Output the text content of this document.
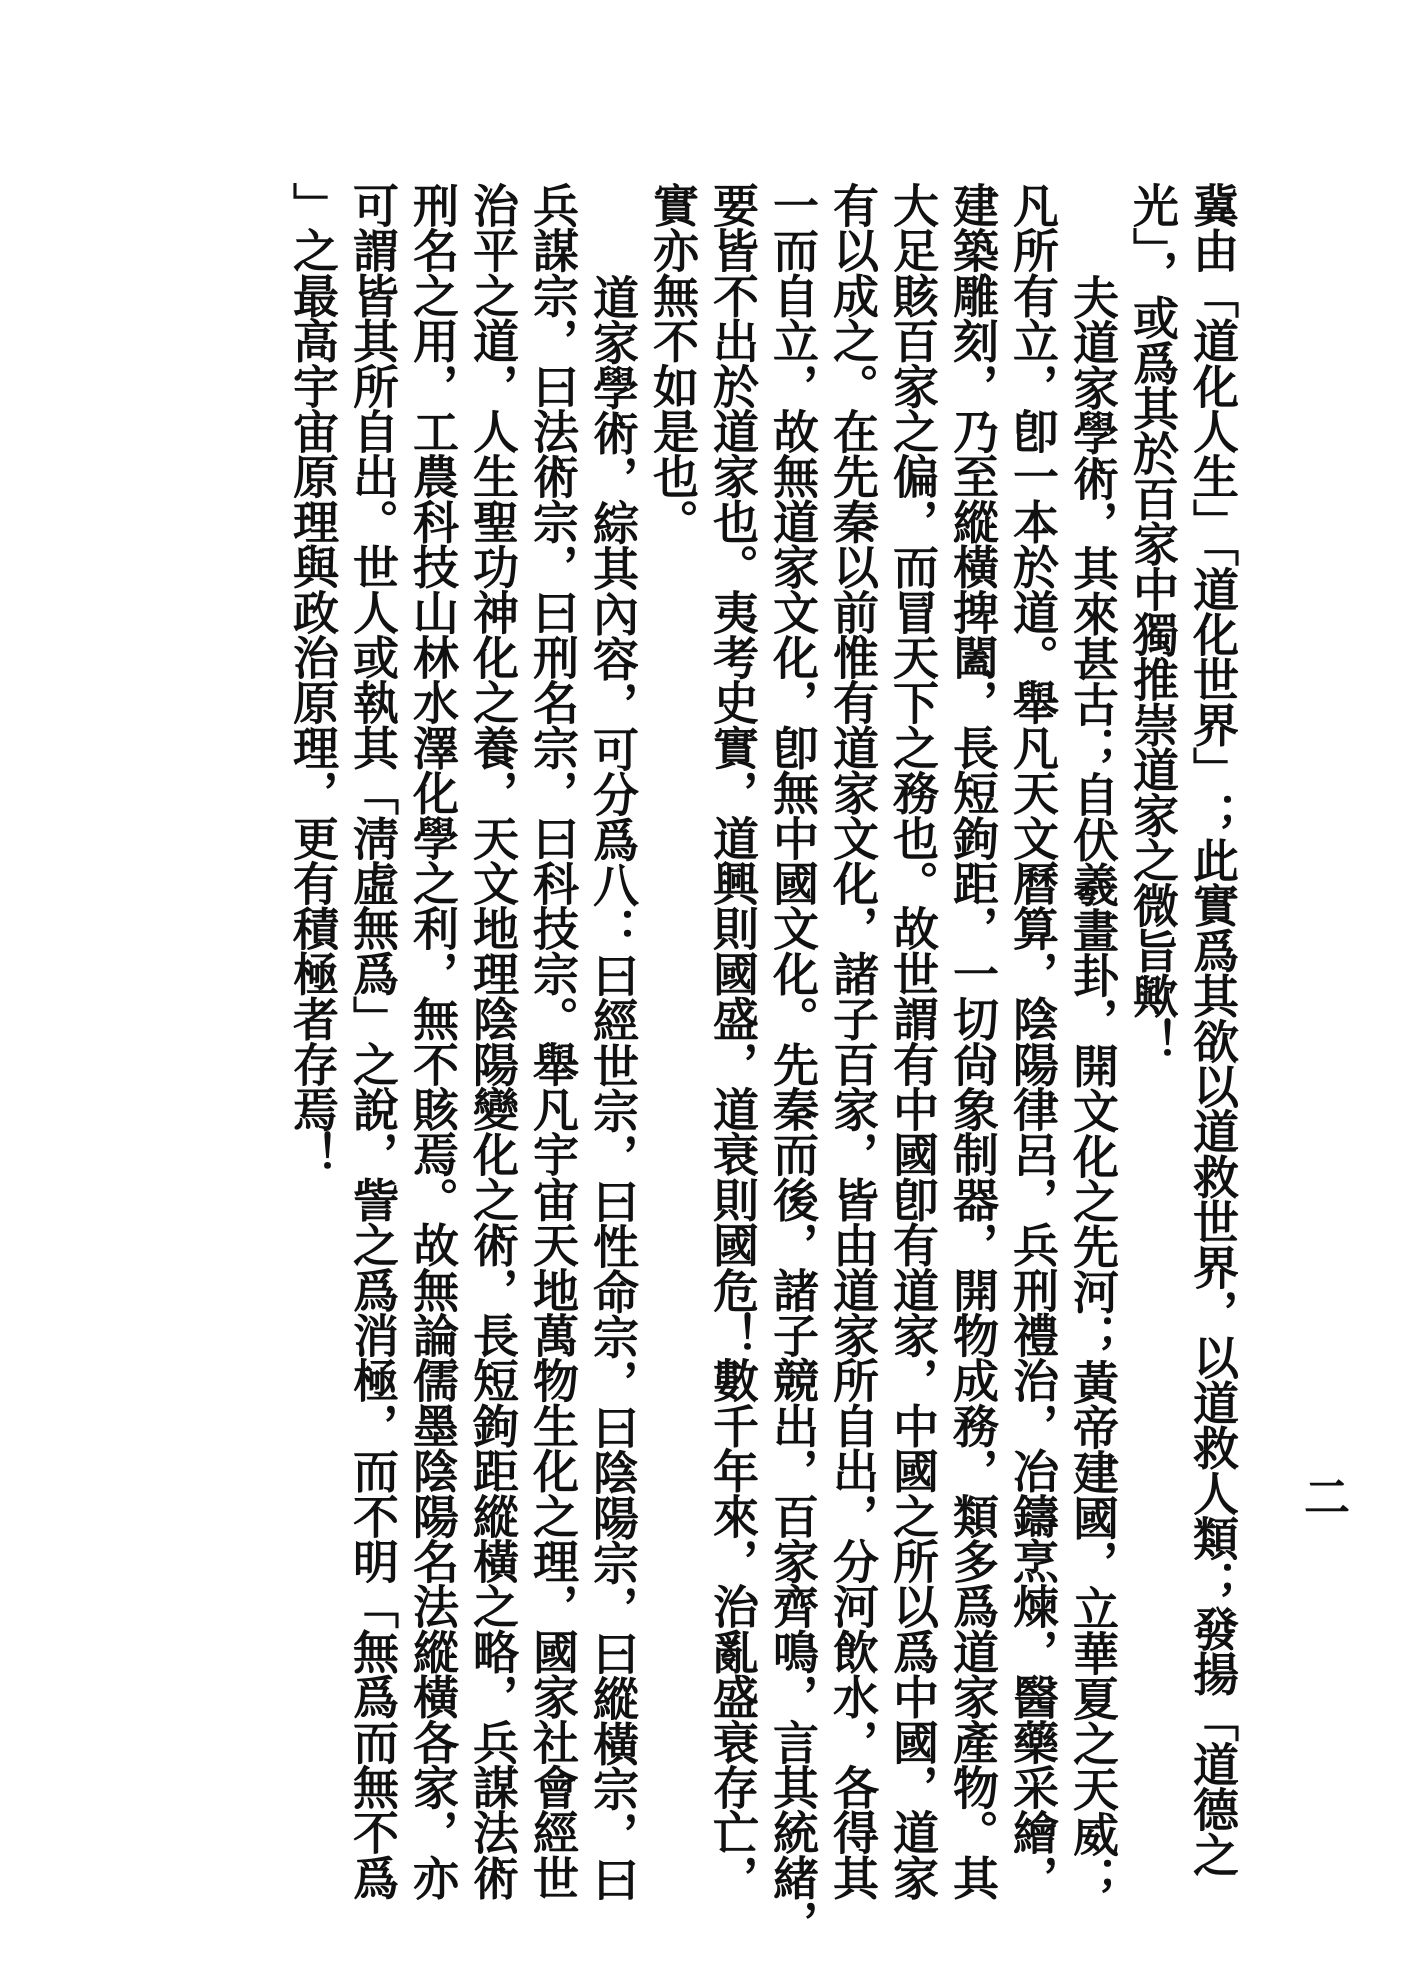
二
冀由「道化人生」「道化世界」；此實爲其欲以道救世界，以道救人類；發揚「道德之
光」，或爲其於百家中獨推崇道家之微旨歟！
夫道家學術，其來甚古；自伏羲畫卦，開文化之先河；黃帝建國，立華夏之天威；
凡所有立，卽一本於道。舉凡天文曆算，陰陽律呂，兵刑禮治，冶鑄烹煉，醫藥采繪，
建築雕刻，乃至縱橫捭闔，長短鉤距，一切尙象制器，開物成務，類多爲道家產物。其
大足賅百家之偏，而冒天下之務也。故世謂有中國卽有道家，中國之所以爲中國，道家
有以成之。在先秦以前惟有道家文化，諸子百家，皆由道家所自出，分河飲水，各得其
一而自立，故無道家文化，卽無中國文化。先秦而後，諸子競出，百家齊鳴，言其統緒，
要皆不出於道家也。夷考史實，道興則國盛，道衰則國危！數千年來，治亂盛衰存亡，
實亦無不如是也。
道家學術，綜其內容，可分爲八：曰經世宗，曰性命宗，曰陰陽宗，曰縱橫宗，曰
兵謀宗，曰法術宗，曰刑名宗，曰科技宗。舉凡宇宙天地萬物生化之理，國家社會經世
治平之道，人生聖功神化之養，天文地理陰陽變化之術，長短鉤距縱橫之略，兵謀法術
刑名之用，工農科技山林水澤化學之利，無不賅焉。故無論儒墨陰陽名法縱橫各家，亦
可謂皆其所自出。世人或執其「淸虛無爲」之說，訾之爲消極，而不明「無爲而無不爲
」之最高宇宙原理與政治原理，更有積極者存焉！
